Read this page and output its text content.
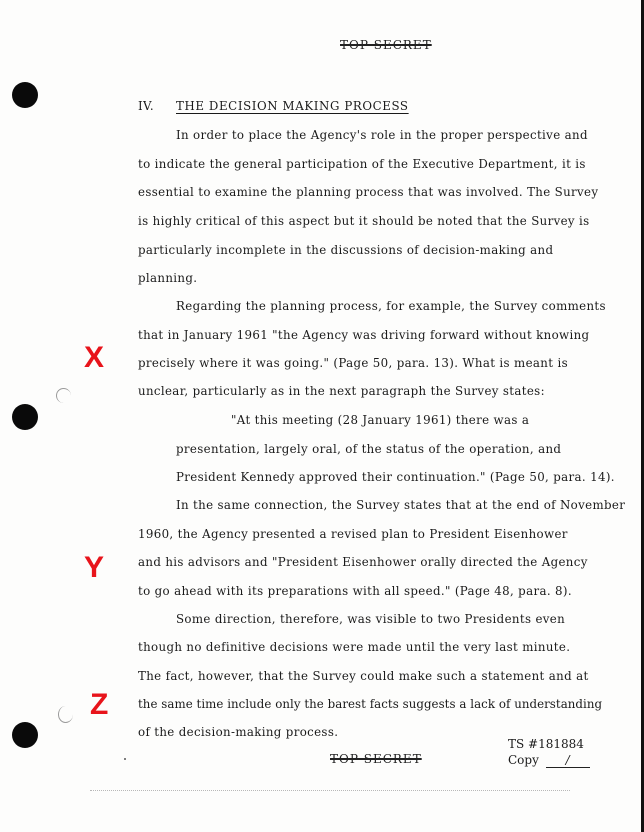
TOP SECRET
X
Y
Z
IV. THE DECISION MAKING PROCESS
In order to place the Agency's role in the proper perspective and
to indicate the general participation of the Executive Department, it is
essential to examine the planning process that was involved. The Survey
is highly critical of this aspect but it should be noted that the Survey is
particularly incomplete in the discussions of decision-making and
planning.
Regarding the planning process, for example, the Survey comments
that in January 1961 "the Agency was driving forward without knowing
precisely where it was going." (Page 50, para. 13). What is meant is
unclear, particularly as in the next paragraph the Survey states:
"At this meeting (28 January 1961) there was a
presentation, largely oral, of the status of the operation, and
President Kennedy approved their continuation." (Page 50, para. 14).
In the same connection, the Survey states that at the end of November
1960, the Agency presented a revised plan to President Eisenhower
and his advisors and "President Eisenhower orally directed the Agency
to go ahead with its preparations with all speed." (Page 48, para. 8).
Some direction, therefore, was visible to two Presidents even
though no definitive decisions were made until the very last minute.
The fact, however, that the Survey could make such a statement and at
the same time include only the barest facts suggests a lack of understanding
of the decision-making process.
TS #181884
Copy /
TOP SECRET
